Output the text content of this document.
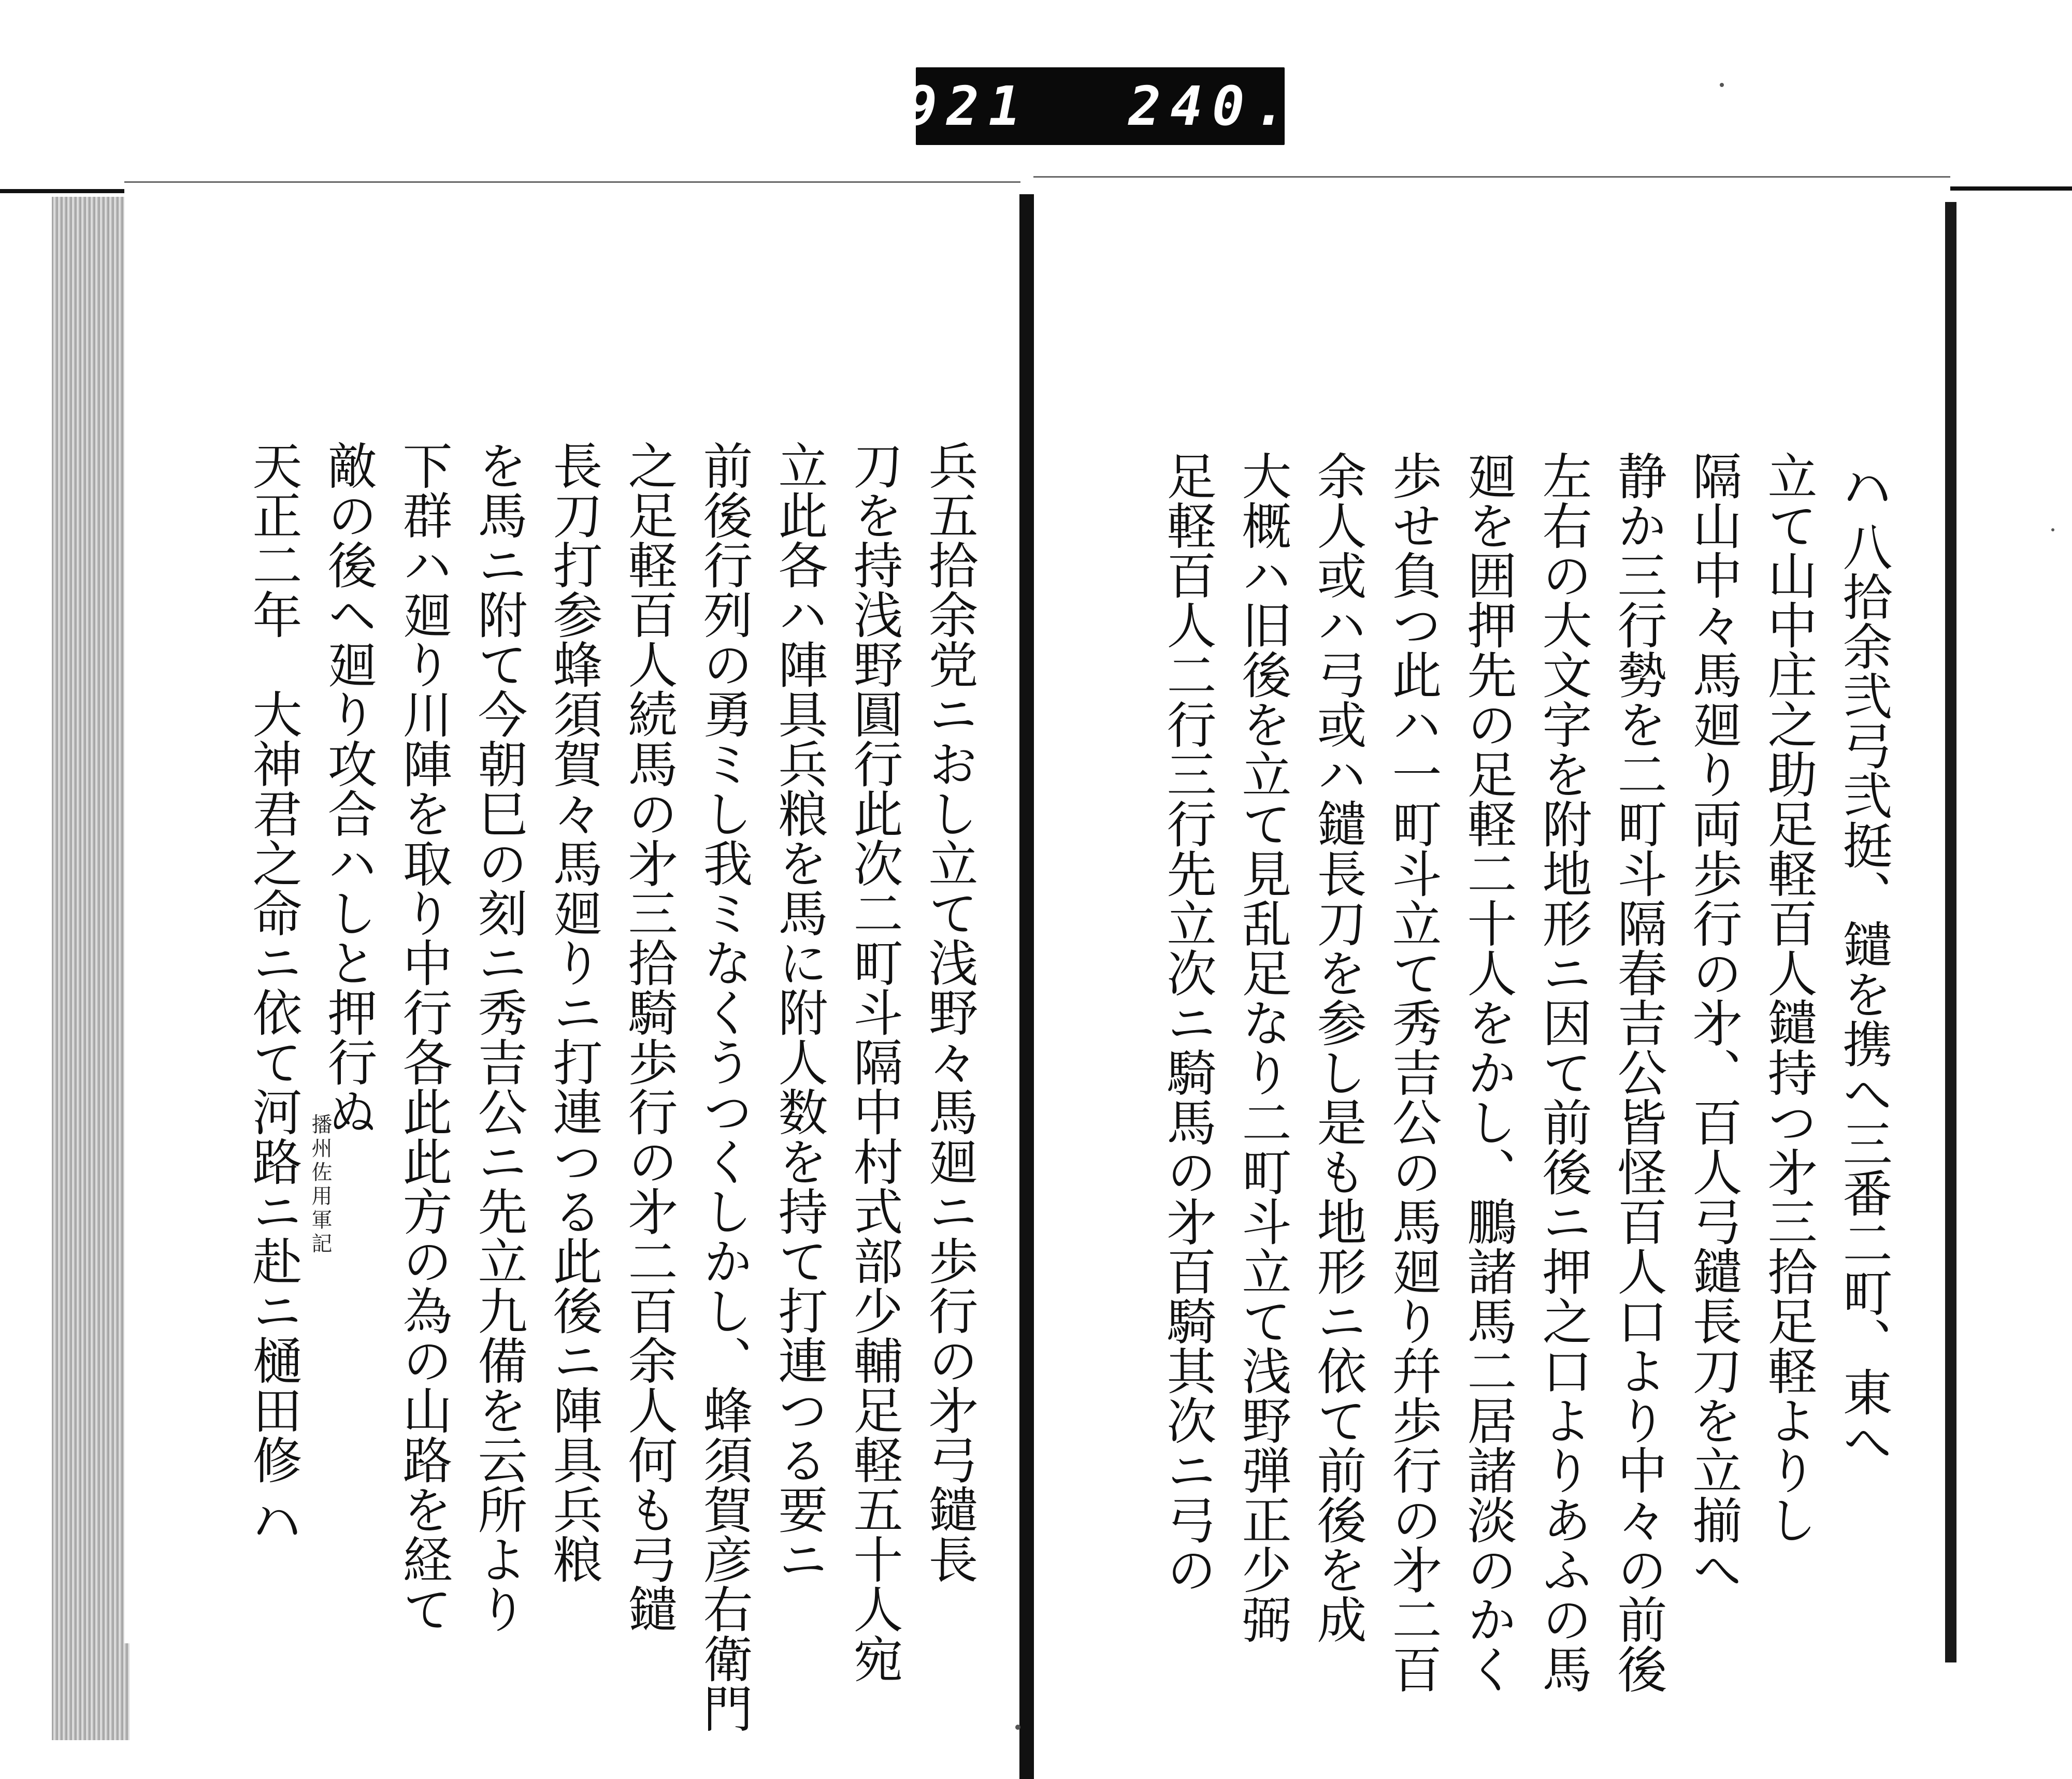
921 240.

𛂞八拾余弐弓弐挺、鑓を携へ三番二町、東へ

立て山中庄之助足軽百人鑓持つ㐧三拾足軽よりし

隔山中々馬廻り両歩行の㐧、百人弓鑓長刀を立揃へ

静か三行勢を二町斗隔春吉公皆怪百人口より中々の前後

左右の大文字を附地形ニ因て前後ニ押之口よりあふの馬

廻を囲押先の足軽二十人をかし、鵬諸馬二居諸淡のかく

歩せ負つ此ハ一町斗立て秀吉公の馬廻り幷歩行の㐧二百

余人或ハ弓或ハ鑓長刀を参し是も地形ニ依て前後を成

大概ハ旧後を立て見乱足なり二町斗立て浅野弾正少弼

足軽百人二行三行先立次ニ騎馬の㐧百騎其次ニ弓の

兵五拾余党ニおし立て浅野々馬廻ニ歩行の㐧弓鑓長

刀を持浅野圓行此次二町斗隔中村式部少輔足軽五十人宛

立此各ハ陣具兵粮を馬に附人数を持て打連つる要ニ

前後行列の勇ミし我ミなくうつくしかし、蜂須賀彦右衛門

之足軽百人続馬の㐧三拾騎歩行の㐧二百余人何も弓鑓

長刀打参蜂須賀々馬廻りニ打連つる此後ニ陣具兵粮

を馬ニ附て今朝巳の刻ニ秀吉公ニ先立九備を云所より

下群ハ廻り川陣を取り中行各此此方の為の山路を経て

敵の後ヘ廻り攻合ハしと押行ぬ

天正二年　大神君之命ニ依て河路ニ赴ニ樋田修𛂞 播州佐用軍記
